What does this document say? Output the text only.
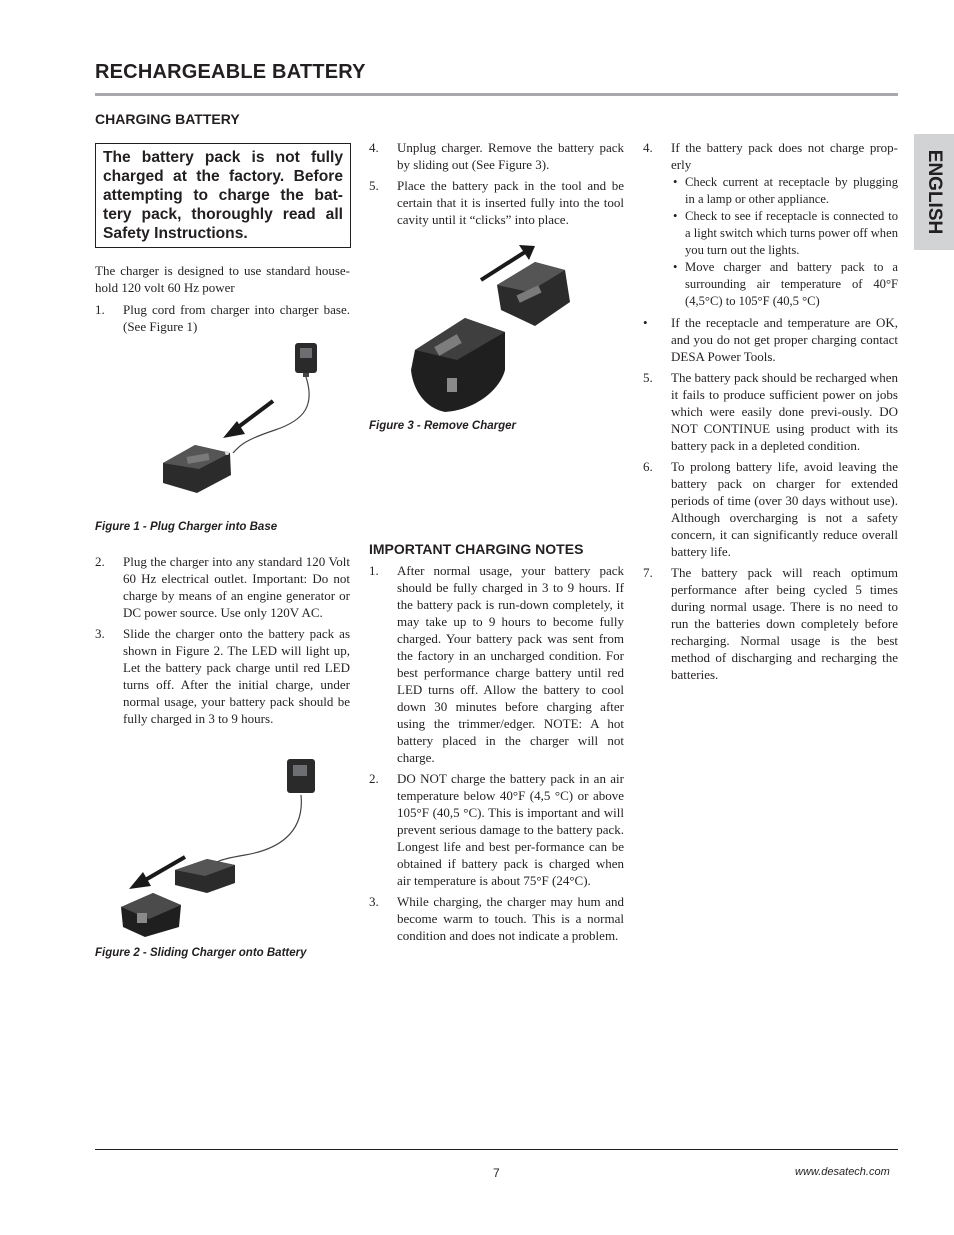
RECHARGEABLE BATTERY
ENGLISH
CHARGING BATTERY
The battery pack is not fully charged at the factory. Before attempting to charge the bat-tery pack, thoroughly read all Safety Instructions.
The charger is designed to use standard house-hold 120 volt 60 Hz power
1. Plug cord from charger into charger base. (See Figure 1)
Figure 1 - Plug Charger into Base
2. Plug the charger into any standard 120 Volt 60 Hz electrical outlet. Important: Do not charge by means of an engine generator or DC power source. Use only 120V AC.
3. Slide the charger onto the battery pack as shown in Figure 2. The LED will light up, Let the battery pack charge until red LED turns off. After the initial charge, under normal usage, your battery pack should be fully charged in 3 to 9 hours.
Figure 2 - Sliding Charger onto Battery
4. Unplug charger. Remove the battery pack by sliding out (See Figure 3).
5. Place the battery pack in the tool and be certain that it is inserted fully into the tool cavity until it “clicks” into place.
Figure 3 - Remove Charger
IMPORTANT CHARGING NOTES
1. After normal usage, your battery pack should be fully charged in 3 to 9 hours. If the battery pack is run-down completely, it may take up to 9 hours to become fully charged. Your battery pack was sent from the factory in an uncharged condition. For best performance charge battery until red LED turns off. Allow the battery to cool down 30 minutes before charging after using the trimmer/edger. NOTE: A hot battery placed in the charger will not charge.
2. DO NOT charge the battery pack in an air temperature below 40°F (4,5 °C) or above 105°F (40,5 °C). This is important and will prevent serious damage to the battery pack. Longest life and best per-formance can be obtained if battery pack is charged when air temperature is about 75°F (24°C).
3. While charging, the charger may hum and become warm to touch. This is a normal condition and does not indicate a problem.
4. If the battery pack does not charge prop-erly
• Check current at receptacle by plugging in a lamp or other appliance.
• Check to see if receptacle is connected to a light switch which turns power off when you turn out the lights.
• Move charger and battery pack to a surrounding air temperature of 40°F (4,5°C) to 105°F (40,5 °C)
• If the receptacle and temperature are OK, and you do not get proper charging contact DESA Power Tools.
5. The battery pack should be recharged when it fails to produce sufficient power on jobs which were easily done previ-ously. DO NOT CONTINUE using product with its battery pack in a depleted condition.
6. To prolong battery life, avoid leaving the battery pack on charger for extended periods of time (over 30 days without use). Although overcharging is not a safety concern, it can significantly reduce overall battery life.
7. The battery pack will reach optimum performance after being cycled 5 times during normal usage. There is no need to run the batteries down completely before recharging. Normal usage is the best method of discharging and recharging the batteries.
7	www.desatech.com
